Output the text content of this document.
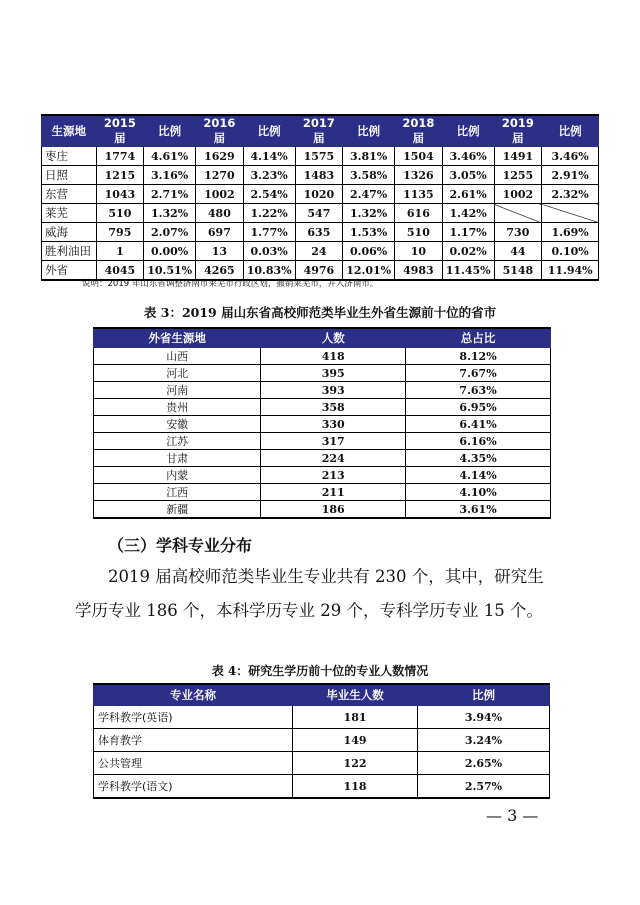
生源地	2015 届	比例	2016 届	比例	2017 届	比例	2018 届	比例	2019 届	比例
枣庄	1774	4.61%	1629	4.14%	1575	3.81%	1504	3.46%	1491	3.46%
日照	1215	3.16%	1270	3.23%	1483	3.58%	1326	3.05%	1255	2.91%
东营	1043	2.71%	1002	2.54%	1020	2.47%	1135	2.61%	1002	2.32%
莱芜	510	1.32%	480	1.22%	547	1.32%	616	1.42%		
威海	795	2.07%	697	1.77%	635	1.53%	510	1.17%	730	1.69%
胜利油田	1	0.00%	13	0.03%	24	0.06%	10	0.02%	44	0.10%
外省	4045	10.51%	4265	10.83%	4976	12.01%	4983	11.45%	5148	11.94%
说明：2019 年山东省调整济南市莱芜市行政区划，撤销莱芜市，并入济南市。
表 3：2019 届山东省高校师范类毕业生外省生源前十位的省市
外省生源地	人数	总占比
山西	418	8.12%
河北	395	7.67%
河南	393	7.63%
贵州	358	6.95%
安徽	330	6.41%
江苏	317	6.16%
甘肃	224	4.35%
内蒙	213	4.14%
江西	211	4.10%
新疆	186	3.61%
（三）学科专业分布

2019 届高校师范类毕业生专业共有 230 个，其中，研究生

学历专业 186 个，本科学历专业 29 个，专科学历专业 15 个。

表 4：研究生学历前十位的专业人数情况
专业名称	毕业生人数	比例
学科教学(英语)	181	3.94%
体育教学	149	3.24%
公共管理	122	2.65%
学科教学(语文)	118	2.57%
— 3 —
